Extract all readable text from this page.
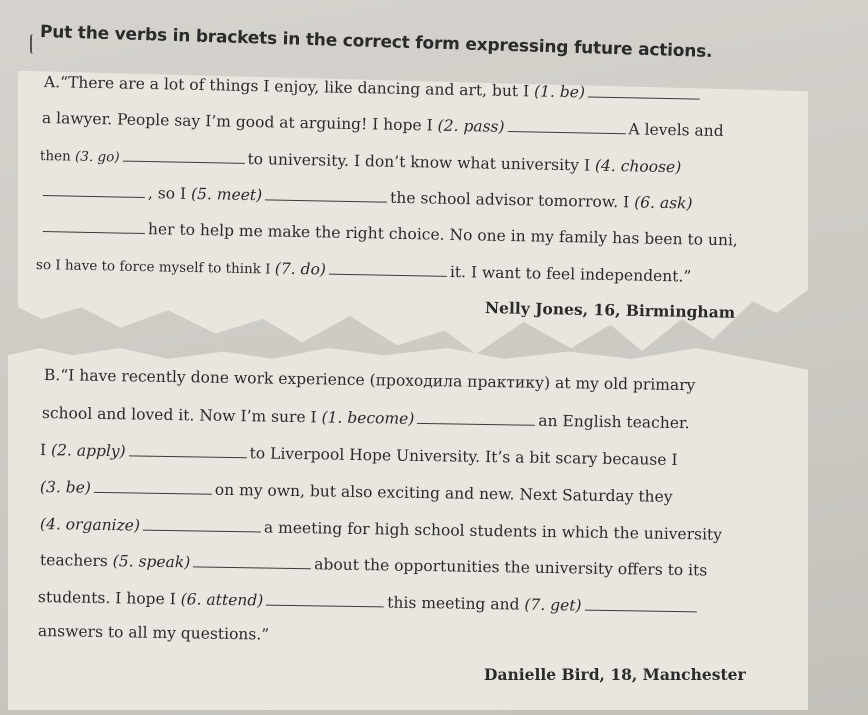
Put the verbs in brackets in the correct form expressing future actions.
A.“There are a lot of things I enjoy, like dancing and art, but I (1. be)
a lawyer. People say I’m good at arguing! I hope I (2. pass)	A levels and
then (3. go)	to university. I don’t know what university I (4. choose)
, so I (5. meet)	the school advisor tomorrow. I (6. ask)
her to help me make the right choice. No one in my family has been to uni,
so I have to force myself to think I (7. do)	it. I want to feel independent.”
Nelly Jones, 16, Birmingham
B.“I have recently done work experience (проходила практику) at my old primary
school and loved it. Now I’m sure I (1. become)	an English teacher.
I (2. apply)	to Liverpool Hope University. It’s a bit scary because I
(3. be)	on my own, but also exciting and new. Next Saturday they
(4. organize)	a meeting for high school students in which the university
teachers (5. speak)	about the opportunities the university offers to its
students. I hope I (6. attend)	this meeting and (7. get)
answers to all my questions.”
Danielle Bird, 18, Manchester
